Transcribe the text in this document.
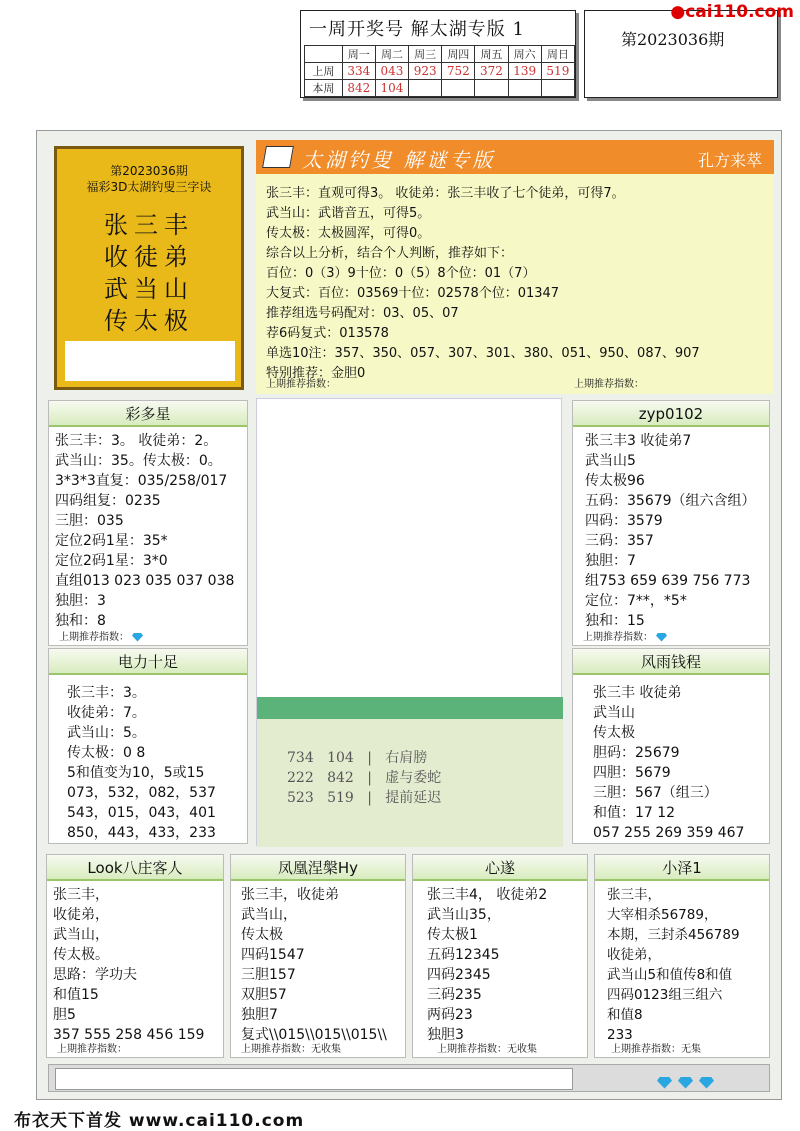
一周开奖号 解太湖专版 1
	周一	周二	周三	周四	周五	周六	周日
上周	334	043	923	752	372	139	519
本周	842	104					
第2023036期
●cai110.com
第2023036期
福彩3D太湖钓叟三字诀
张三丰
收徒弟
武当山
传太极
太湖钓叟 解谜专版	孔方来萃
张三丰：直观可得3。 收徒弟：张三丰收了七个徒弟，可得7。
武当山：武谐音五，可得5。
传太极：太极圆浑，可得0。
综合以上分析，结合个人判断，推荐如下：
百位：0（3）9十位：0（5）8个位：01（7）
大复式：百位：03569十位：02578个位：01347
推荐组选号码配对：03、05、07
荐6码复式：013578
单选10注：357、350、057、307、301、380、051、950、087、907
特别推荐：金胆0
上期推荐指数：	上期推荐指数：
734 104 | 右肩膀
222 842 | 虚与委蛇
523 519 | 提前延迟
彩多星
张三丰：3。 收徒弟：2。
武当山：35。传太极：0。
3*3*3直复：035/258/017
四码组复：0235
三胆：035
定位2码1星：35*
定位2码1星：3*0
直组013 023 035 037 038
独胆：3
独和：8
上期推荐指数：
电力十足
张三丰：3。
收徒弟：7。
武当山：5。
传太极：0 8
5和值变为10，5或15
073，532，082，537
543，015，043，401
850，443，433，233
zyp0102
张三丰3 收徒弟7
武当山5
传太极96
五码：35679（组六含组）
四码：3579
三码：357
独胆：7
组753 659 639 756 773
定位：7**，*5*
独和：15
上期推荐指数：
风雨钱程
张三丰 收徒弟
武当山
传太极
胆码：25679
四胆：5679
三胆：567（组三）
和值：17 12
057 255 269 359 467
Look八庄客人
张三丰，
收徒弟，
武当山，
传太极。
思路：学功夫
和值15
胆5
357 555 258 456 159
上期推荐指数：
凤凰涅槃Hy
张三丰，收徒弟
武当山，
传太极
四码1547
三胆157
双胆57
独胆7
复式\\015\\015\\015\\
上期推荐指数：无收集
心遂
张三丰4， 收徒弟2
武当山35，
传太极1
五码12345
四码2345
三码235
两码23
独胆3
上期推荐指数：无收集
小泽1
张三丰，
大宰相杀56789，
本期，三封杀456789
收徒弟，
武当山5和值传8和值
四码0123组三组六
和值8
233
上期推荐指数：无集
布衣天下首发 www.cai110.com
